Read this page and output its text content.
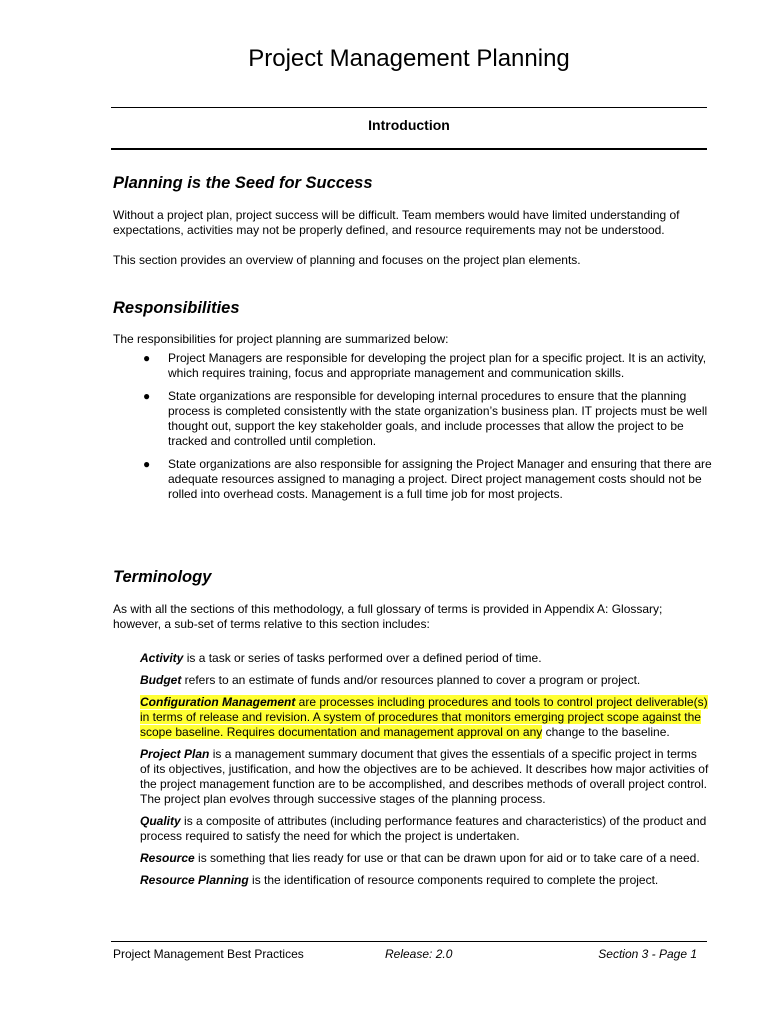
Project Management Planning
Introduction
Planning is the Seed for Success
Without a project plan, project success will be difficult. Team members would have limited understanding of expectations, activities may not be properly defined, and resource requirements may not be understood.
This section provides an overview of planning and focuses on the project plan elements.
Responsibilities
The responsibilities for project planning are summarized below:
● Project Managers are responsible for developing the project plan for a specific project. It is an activity, which requires training, focus and appropriate management and communication skills.
● State organizations are responsible for developing internal procedures to ensure that the planning process is completed consistently with the state organization’s business plan. IT projects must be well thought out, support the key stakeholder goals, and include processes that allow the project to be tracked and controlled until completion.
● State organizations are also responsible for assigning the Project Manager and ensuring that there are adequate resources assigned to managing a project. Direct project management costs should not be rolled into overhead costs. Management is a full time job for most projects.
Terminology
As with all the sections of this methodology, a full glossary of terms is provided in Appendix A: Glossary; however, a sub-set of terms relative to this section includes:
Activity is a task or series of tasks performed over a defined period of time.
Budget refers to an estimate of funds and/or resources planned to cover a program or project.
Configuration Management are processes including procedures and tools to control project deliverable(s) in terms of release and revision. A system of procedures that monitors emerging project scope against the scope baseline. Requires documentation and management approval on any change to the baseline.
Project Plan is a management summary document that gives the essentials of a specific project in terms of its objectives, justification, and how the objectives are to be achieved. It describes how major activities of the project management function are to be accomplished, and describes methods of overall project control. The project plan evolves through successive stages of the planning process.
Quality is a composite of attributes (including performance features and characteristics) of the product and process required to satisfy the need for which the project is undertaken.
Resource is something that lies ready for use or that can be drawn upon for aid or to take care of a need.
Resource Planning is the identification of resource components required to complete the project.
Project Management Best Practices	Release: 2.0	Section 3 - Page 1
